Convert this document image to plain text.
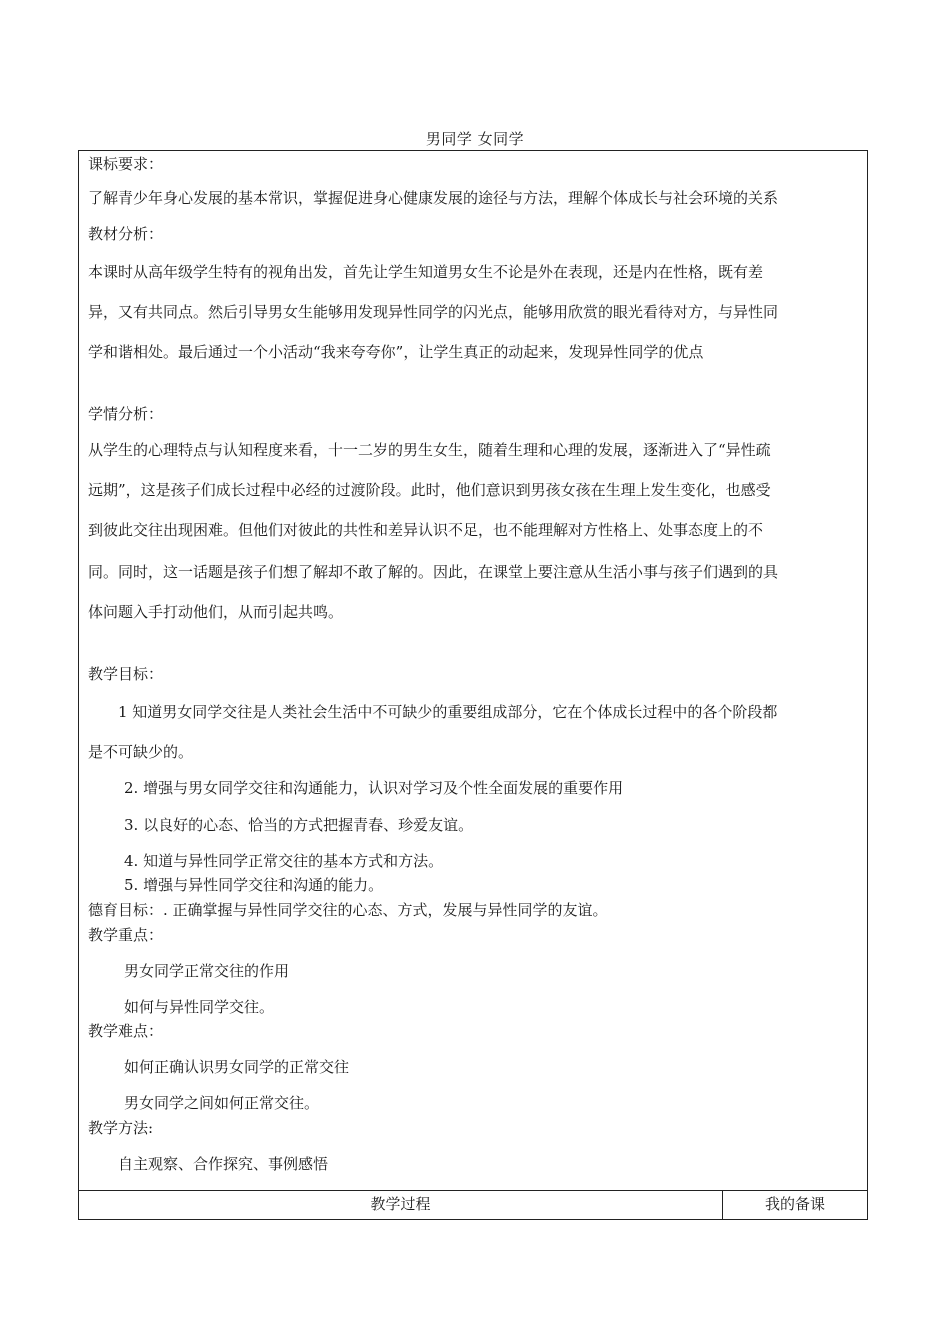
男同学 女同学
课标要求：
了解青少年身心发展的基本常识，掌握促进身心健康发展的途径与方法，理解个体成长与社会环境的关系
教材分析：
本课时从高年级学生特有的视角出发，首先让学生知道男女生不论是外在表现，还是内在性格，既有差
异，又有共同点。然后引导男女生能够用发现异性同学的闪光点，能够用欣赏的眼光看待对方，与异性同
学和谐相处。最后通过一个小活动“我来夸夸你”，让学生真正的动起来，发现异性同学的优点
学情分析：
从学生的心理特点与认知程度来看，十一二岁的男生女生，随着生理和心理的发展，逐渐进入了“异性疏
远期”，这是孩子们成长过程中必经的过渡阶段。此时，他们意识到男孩女孩在生理上发生变化，也感受
到彼此交往出现困难。但他们对彼此的共性和差异认识不足，也不能理解对方性格上、处事态度上的不
同。同时，这一话题是孩子们想了解却不敢了解的。因此，在课堂上要注意从生活小事与孩子们遇到的具
体问题入手打动他们，从而引起共鸣。
教学目标：
1 知道男女同学交往是人类社会生活中不可缺少的重要组成部分，它在个体成长过程中的各个阶段都
是不可缺少的。
2. 增强与男女同学交往和沟通能力，认识对学习及个性全面发展的重要作用
3. 以良好的心态、恰当的方式把握青春、珍爱友谊。
4. 知道与异性同学正常交往的基本方式和方法。
5. 增强与异性同学交往和沟通的能力。
德育目标：. 正确掌握与异性同学交往的心态、方式，发展与异性同学的友谊。
教学重点：
男女同学正常交往的作用
如何与异性同学交往。
教学难点：
如何正确认识男女同学的正常交往
男女同学之间如何正常交往。
教学方法:
自主观察、合作探究、事例感悟
教学过程	我的备课
